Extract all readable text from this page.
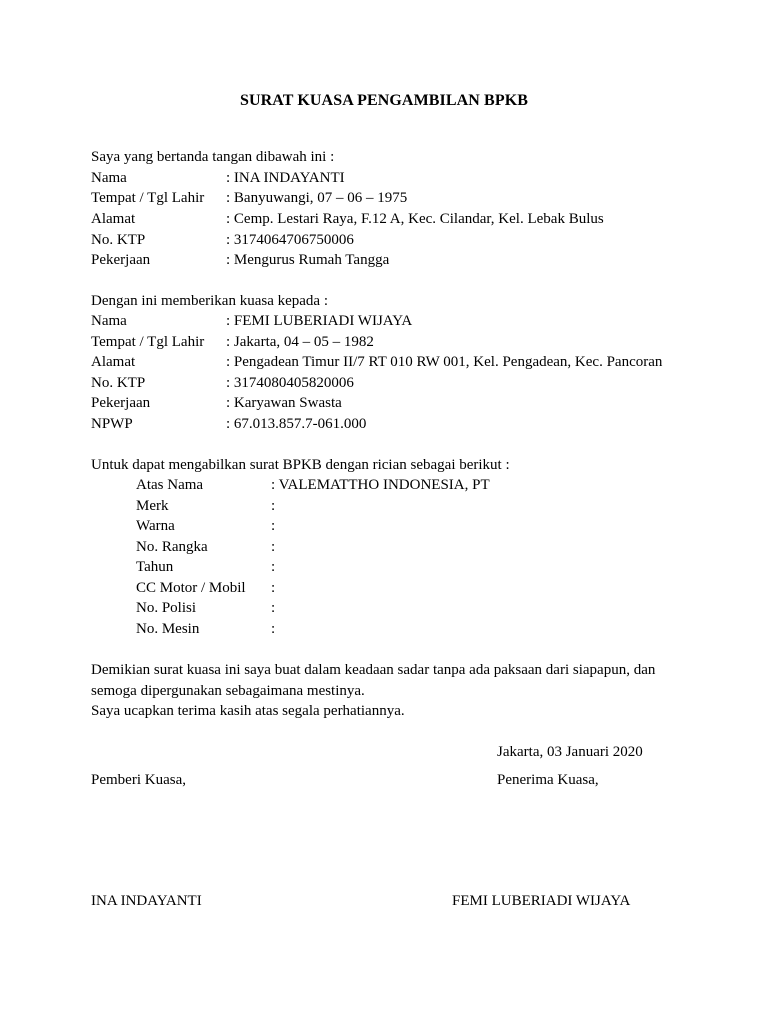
SURAT KUASA PENGAMBILAN BPKB
Saya yang bertanda tangan dibawah ini :
Nama	: INA INDAYANTI
Tempat / Tgl Lahir : Banyuwangi, 07 – 06 – 1975
Alamat	: Cemp. Lestari Raya, F.12 A, Kec. Cilandar, Kel. Lebak Bulus
No. KTP	: 3174064706750006
Pekerjaan	: Mengurus Rumah Tangga
Dengan ini memberikan kuasa kepada :
Nama	: FEMI LUBERIADI WIJAYA
Tempat / Tgl Lahir : Jakarta, 04 – 05 – 1982
Alamat	: Pengadean Timur II/7 RT 010 RW 001, Kel. Pengadean, Kec. Pancoran
No. KTP	: 3174080405820006
Pekerjaan	: Karyawan Swasta
NPWP	: 67.013.857.7-061.000
Untuk dapat mengabilkan surat BPKB dengan rician sebagai berikut :
Atas Nama	: VALEMATTHO INDONESIA, PT
Merk	:
Warna	:
No. Rangka	:
Tahun	:
CC Motor / Mobil :
No. Polisi	:
No. Mesin	:
Demikian surat kuasa ini saya buat dalam keadaan sadar tanpa ada paksaan dari siapapun, dan
semoga dipergunakan sebagaimana mestinya.
Saya ucapkan terima kasih atas segala perhatiannya.
Jakarta, 03 Januari 2020
Pemberi Kuasa,	Penerima Kuasa,
INA INDAYANTI	FEMI LUBERIADI WIJAYA
